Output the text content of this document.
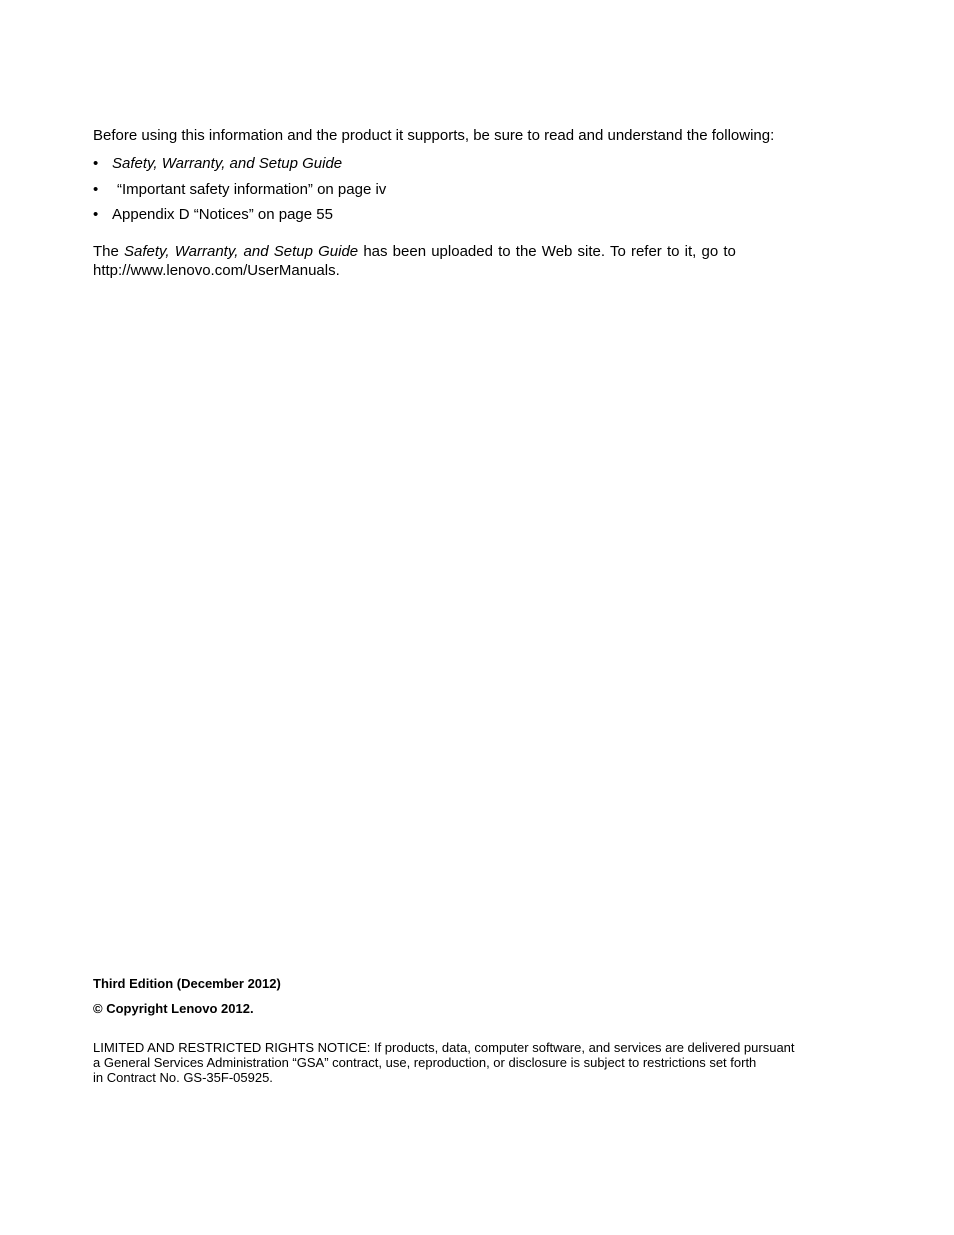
Before using this information and the product it supports, be sure to read and understand the following:
• Safety, Warranty, and Setup Guide
• “Important safety information” on page iv
• Appendix D “Notices” on page 55
The Safety, Warranty, and Setup Guide has been uploaded to the Web site. To refer to it, go to
http://www.lenovo.com/UserManuals.
Third Edition (December 2012)
© Copyright Lenovo 2012.
LIMITED AND RESTRICTED RIGHTS NOTICE: If products, data, computer software, and services are delivered pursuant
a General Services Administration “GSA” contract, use, reproduction, or disclosure is subject to restrictions set forth
in Contract No. GS-35F-05925.
